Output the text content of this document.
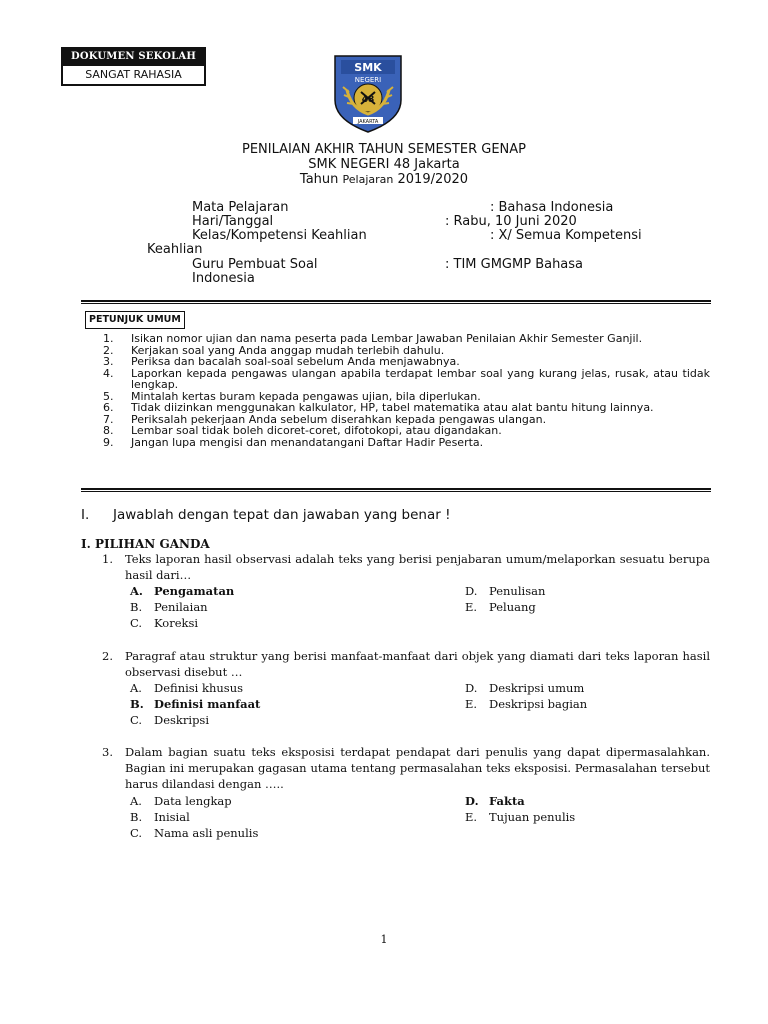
DOKUMEN SEKOLAH
SANGAT RAHASIA
SMK
NEGERI
48
JAKARTA
PENILAIAN AKHIR TAHUN SEMESTER GENAP
SMK NEGERI 48 Jakarta
Tahun Pelajaran 2019/2020
Mata Pelajaran	: Bahasa Indonesia
Hari/Tanggal	: Rabu, 10 Juni 2020
Kelas/Kompetensi Keahlian	: X/ Semua Kompetensi
Keahlian
Guru Pembuat Soal	: TIM GMGMP Bahasa
Indonesia
PETUNJUK UMUM
1. Isikan nomor ujian dan nama peserta pada Lembar Jawaban Penilaian Akhir Semester Ganjil.
2. Kerjakan soal yang Anda anggap mudah terlebih dahulu.
3. Periksa dan bacalah soal-soal sebelum Anda menjawabnya.
4. Laporkan kepada pengawas ulangan apabila terdapat lembar soal yang kurang jelas, rusak, atau tidak lengkap.
5. Mintalah kertas buram kepada pengawas ujian, bila diperlukan.
6. Tidak diizinkan menggunakan kalkulator, HP, tabel matematika atau alat bantu hitung lainnya.
7. Periksalah pekerjaan Anda sebelum diserahkan kepada pengawas ulangan.
8. Lembar soal tidak boleh dicoret-coret, difotokopi, atau digandakan.
9. Jangan lupa mengisi dan menandatangani Daftar Hadir Peserta.
I. Jawablah dengan tepat dan jawaban yang benar !
I. PILIHAN GANDA
1. Teks laporan hasil observasi adalah teks yang berisi penjabaran umum/melaporkan sesuatu berupa hasil dari…
A. Pengamatan
B. Penilaian
C. Koreksi
D. Penulisan
E. Peluang
2. Paragraf atau struktur yang berisi manfaat-manfaat dari objek yang diamati dari teks laporan hasil observasi disebut …
A. Definisi khusus
B. Definisi manfaat
C. Deskripsi
D. Deskripsi umum
E. Deskripsi bagian
3. Dalam bagian suatu teks eksposisi terdapat pendapat dari penulis yang dapat dipermasalahkan. Bagian ini merupakan gagasan utama tentang permasalahan teks eksposisi. Permasalahan tersebut harus dilandasi dengan …..
A. Data lengkap
B. Inisial
C. Nama asli penulis
D. Fakta
E. Tujuan penulis
1
